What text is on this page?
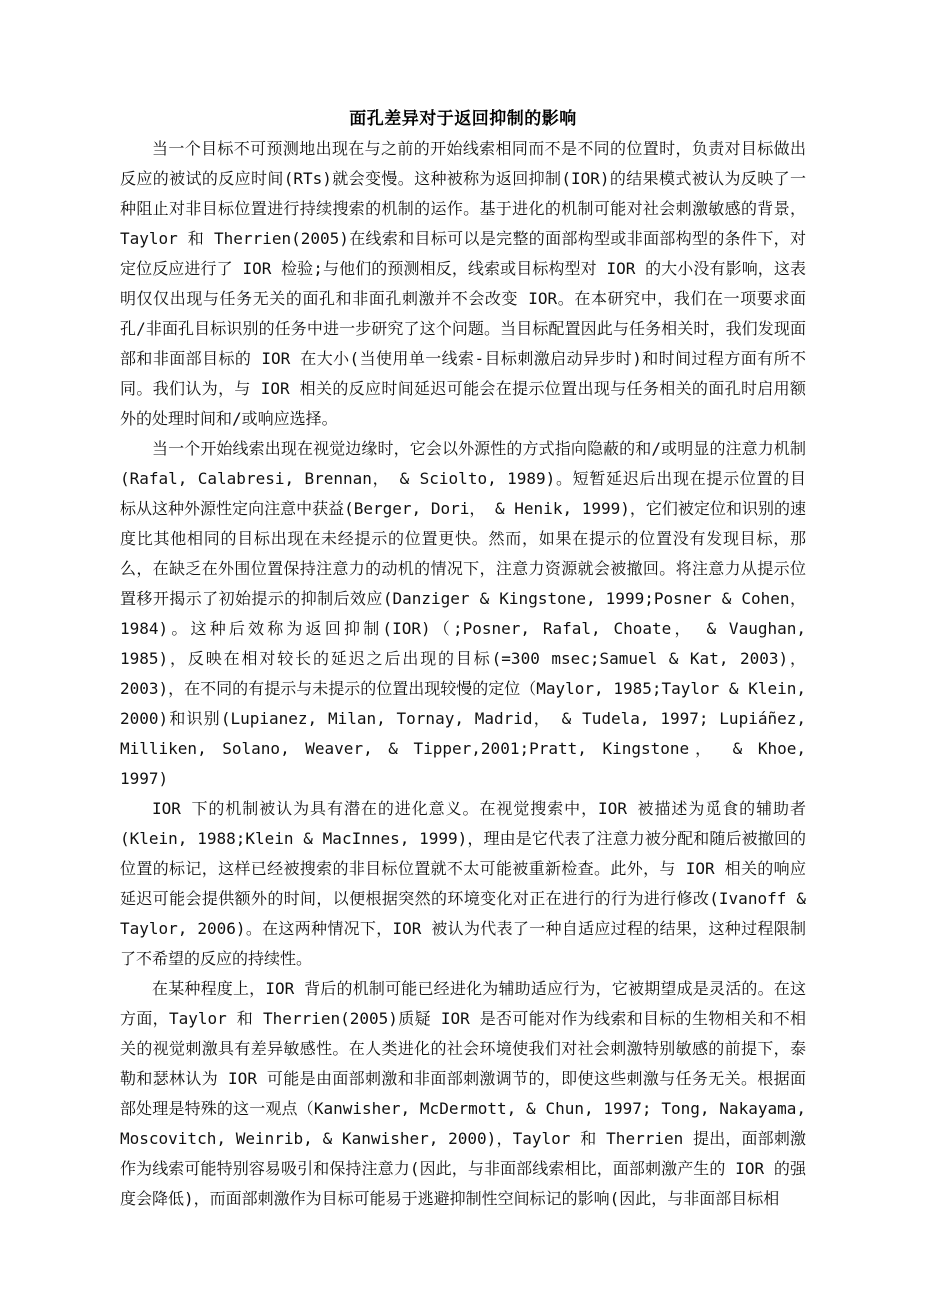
面孔差异对于返回抑制的影响

当一个目标不可预测地出现在与之前的开始线索相同而不是不同的位置时，负责对目标做出反应的被试的反应时间(RTs)就会变慢。这种被称为返回抑制(IOR)的结果模式被认为反映了一种阻止对非目标位置进行持续搜索的机制的运作。基于进化的机制可能对社会刺激敏感的背景，Taylor 和 Therrien(2005)在线索和目标可以是完整的面部构型或非面部构型的条件下，对定位反应进行了 IOR 检验;与他们的预测相反，线索或目标构型对 IOR 的大小没有影响，这表明仅仅出现与任务无关的面孔和非面孔刺激并不会改变 IOR。在本研究中，我们在一项要求面孔/非面孔目标识别的任务中进一步研究了这个问题。当目标配置因此与任务相关时，我们发现面部和非面部目标的 IOR 在大小(当使用单一线索-目标刺激启动异步时)和时间过程方面有所不同。我们认为，与 IOR 相关的反应时间延迟可能会在提示位置出现与任务相关的面孔时启用额外的处理时间和/或响应选择。

当一个开始线索出现在视觉边缘时，它会以外源性的方式指向隐蔽的和/或明显的注意力机制(Rafal, Calabresi, Brennan， & Sciolto, 1989)。短暂延迟后出现在提示位置的目标从这种外源性定向注意中获益(Berger, Dori， & Henik, 1999)，它们被定位和识别的速度比其他相同的目标出现在未经提示的位置更快。然而，如果在提示的位置没有发现目标，那么，在缺乏在外围位置保持注意力的动机的情况下，注意力资源就会被撤回。将注意力从提示位置移开揭示了初始提示的抑制后效应(Danziger & Kingstone, 1999;Posner & Cohen，1984)。这种后效称为返回抑制(IOR)（;Posner, Rafal, Choate， & Vaughan, 1985)，反映在相对较长的延迟之后出现的目标(=300 msec;Samuel & Kat, 2003)，2003)，在不同的有提示与未提示的位置出现较慢的定位（Maylor, 1985;Taylor & Klein, 2000)和识别(Lupianez, Milan, Tornay, Madrid， & Tudela, 1997; Lupiáñez, Milliken, Solano, Weaver, & Tipper,2001;Pratt, Kingstone， & Khoe, 1997)

IOR 下的机制被认为具有潜在的进化意义。在视觉搜索中，IOR 被描述为觅食的辅助者(Klein, 1988;Klein & MacInnes, 1999)，理由是它代表了注意力被分配和随后被撤回的位置的标记，这样已经被搜索的非目标位置就不太可能被重新检查。此外，与 IOR 相关的响应延迟可能会提供额外的时间，以便根据突然的环境变化对正在进行的行为进行修改(Ivanoff & Taylor, 2006)。在这两种情况下，IOR 被认为代表了一种自适应过程的结果，这种过程限制了不希望的反应的持续性。

在某种程度上，IOR 背后的机制可能已经进化为辅助适应行为，它被期望成是灵活的。在这方面，Taylor 和 Therrien(2005)质疑 IOR 是否可能对作为线索和目标的生物相关和不相关的视觉刺激具有差异敏感性。在人类进化的社会环境使我们对社会刺激特别敏感的前提下，泰勒和瑟林认为 IOR 可能是由面部刺激和非面部刺激调节的，即使这些刺激与任务无关。根据面部处理是特殊的这一观点（Kanwisher, McDermott, & Chun, 1997; Tong, Nakayama, Moscovitch, Weinrib, & Kanwisher, 2000)，Taylor 和 Therrien 提出，面部刺激作为线索可能特别容易吸引和保持注意力(因此，与非面部线索相比，面部刺激产生的 IOR 的强度会降低)，而面部刺激作为目标可能易于逃避抑制性空间标记的影响(因此，与非面部目标相
